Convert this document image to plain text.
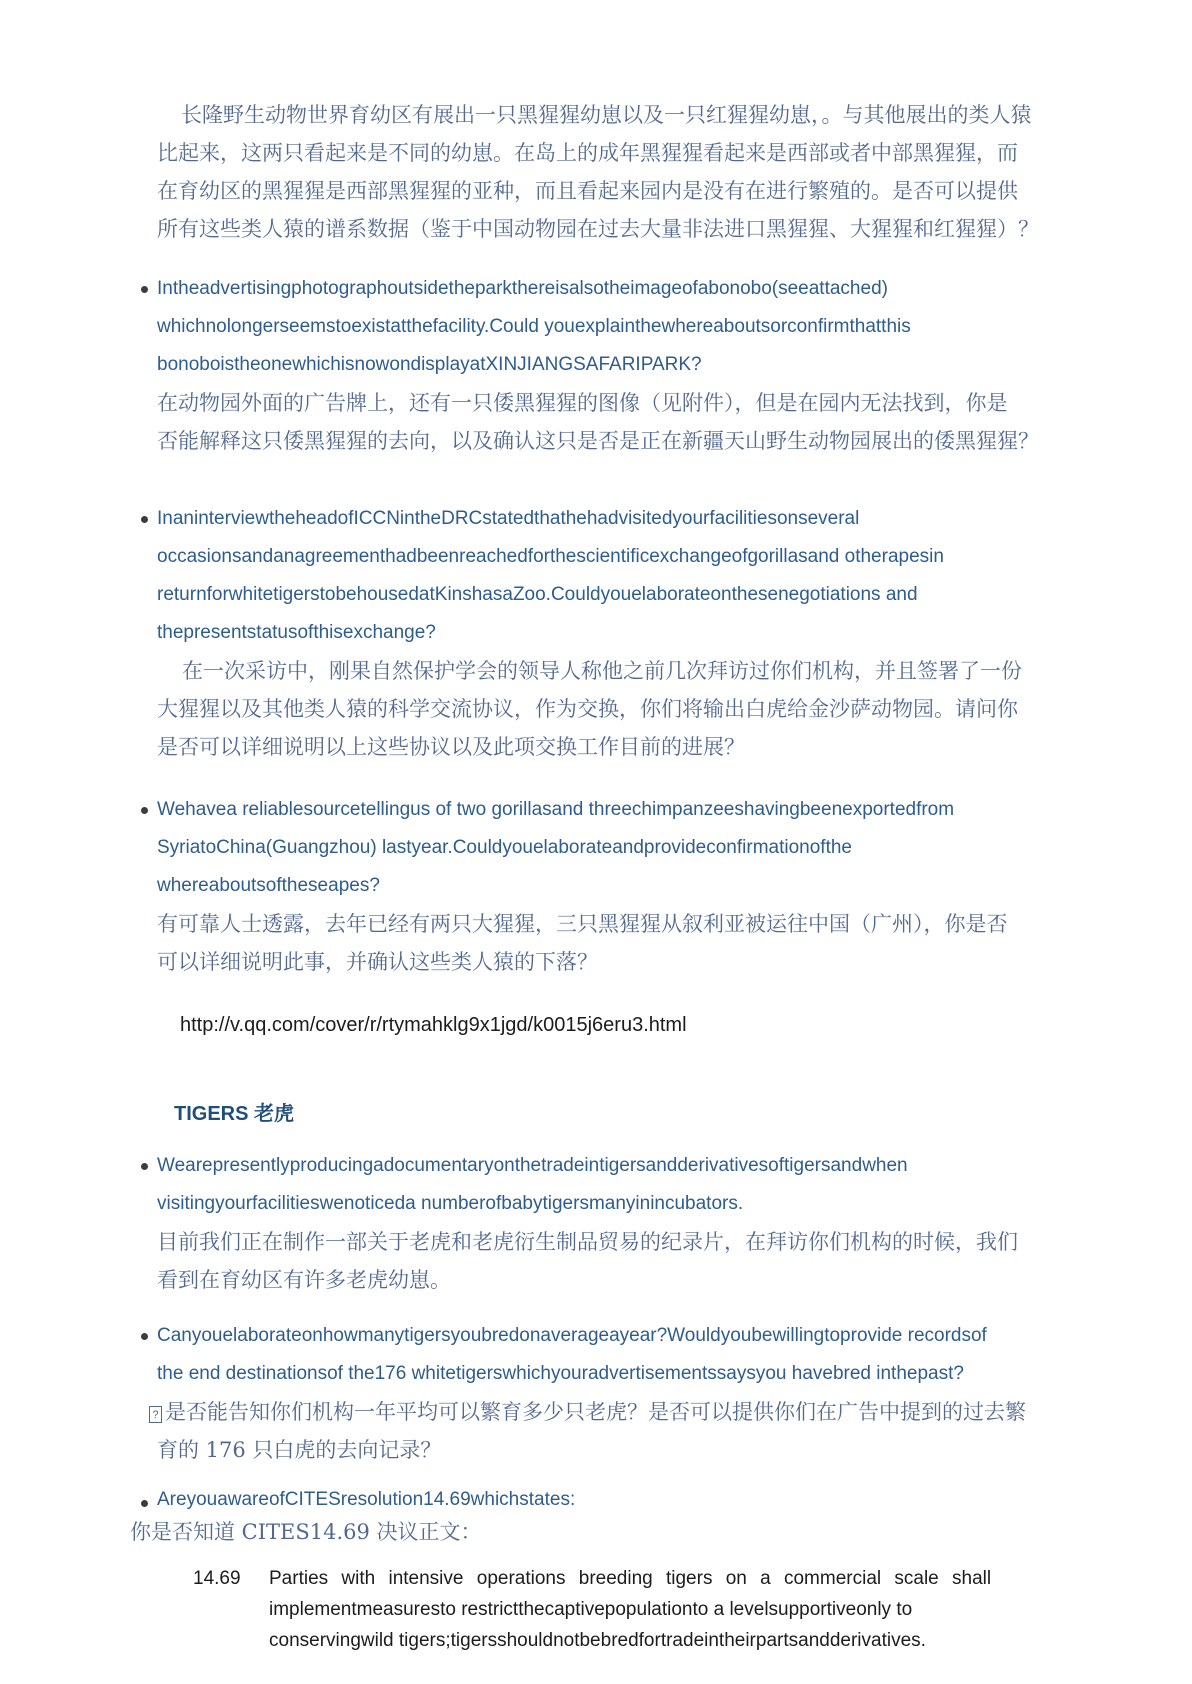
长隆野生动物世界育幼区有展出一只黑猩猩幼崽以及一只红猩猩幼崽，。与其他展出的类人猿
比起来，这两只看起来是不同的幼崽。在岛上的成年黑猩猩看起来是西部或者中部黑猩猩，而
在育幼区的黑猩猩是西部黑猩猩的亚种，而且看起来园内是没有在进行繁殖的。是否可以提供
所有这些类人猿的谱系数据（鉴于中国动物园在过去大量非法进口黑猩猩、大猩猩和红猩猩）？
Intheadvertisingphotographoutsidetheparkthereisalsotheimageofabonobo(seeattached)
whichnolongerseemstoexistatthefacility.Could youexplainthewhereaboutsorconfirmthatthis
bonoboistheonewhichisnowondisplayatXINJIANGSAFARIPARK?
在动物园外面的广告牌上，还有一只倭黑猩猩的图像（见附件），但是在园内无法找到，你是
否能解释这只倭黑猩猩的去向，以及确认这只是否是正在新疆天山野生动物园展出的倭黑猩猩？
InaninterviewtheheadofICCNintheDRCstatedthathehadvisitedyourfacilitiesonseveral
occasionsandanagreementhadbeenreachedforthescientificexchangeofgorillasand otherapesin
returnforwhitetigerstobehousedatKinshasaZoo.Couldyouelaborateonthesenegotiations and
thepresentstatusofthisexchange?
在一次采访中，刚果自然保护学会的领导人称他之前几次拜访过你们机构，并且签署了一份
大猩猩以及其他类人猿的科学交流协议，作为交换，你们将输出白虎给金沙萨动物园。请问你
是否可以详细说明以上这些协议以及此项交换工作目前的进展？
Wehavea reliablesourcetellingus of two gorillasand threechimpanzeeshavingbeenexportedfrom
SyriatoChina(Guangzhou) lastyear.Couldyouelaborateandprovideconfirmationofthe
whereaboutsoftheseapes?
有可靠人士透露，去年已经有两只大猩猩，三只黑猩猩从叙利亚被运往中国（广州），你是否
可以详细说明此事，并确认这些类人猿的下落？
http://v.qq.com/cover/r/rtymahklg9x1jgd/k0015j6eru3.html
TIGERS 老虎
Wearepresentlyproducingadocumentaryonthetradeintigersandderivativesoftigersandwhen
visitingyourfacilitieswenoticeda numberofbabytigersmanyinincubators.
目前我们正在制作一部关于老虎和老虎衍生制品贸易的纪录片，在拜访你们机构的时候，我们
看到在育幼区有许多老虎幼崽。
Canyouelaborateonhowmanytigersyoubredonaverageayear?Wouldyoubewillingtoprovide recordsof
the end destinationsof the176 whitetigerswhichyouradvertisementssaysyou havebred inthepast?
? 是否能告知你们机构一年平均可以繁育多少只老虎？是否可以提供你们在广告中提到的过去繁
育的 176 只白虎的去向记录？
AreyouawareofCITESresolution14.69whichstates:
你是否知道 CITES14.69 决议正文：
14.69	Parties with intensive operations breeding tigers on a commercial scale shall
implementmeasuresto restrictthecaptivepopulationto a levelsupportiveonly to
conservingwild tigers;tigersshouldnotbebredfortradeintheirpartsandderivatives.
